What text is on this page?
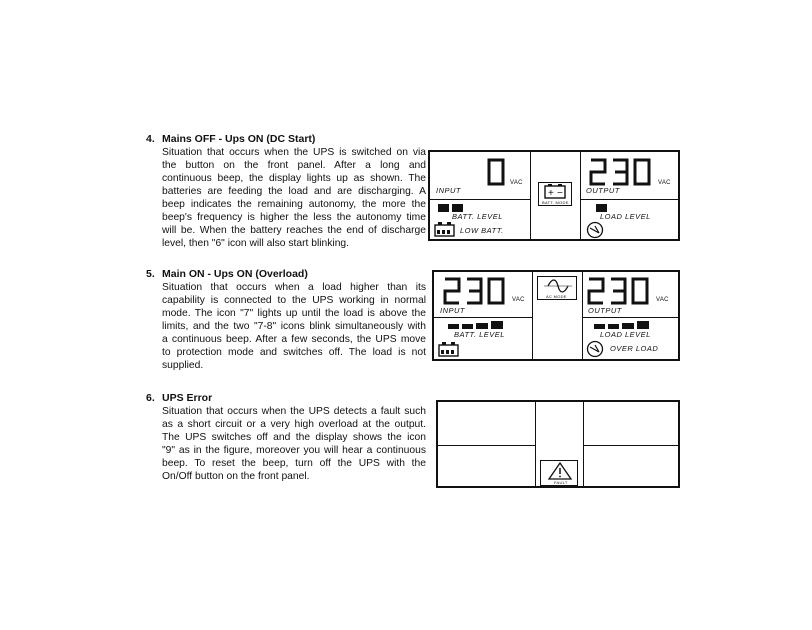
4. Mains OFF - Ups ON (DC Start)
Situation that occurs when the UPS is switched on via
the button on the front panel. After a long and
continuous beep, the display lights up as shown. The
batteries are feeding the load and are discharging. A
beep indicates the remaining autonomy, the more the
beep's frequency is higher the less the autonomy time
will be. When the battery reaches the end of discharge
level, then "6" icon will also start blinking.
INPUT
VAC
+ −
BATT. MODE
OUTPUT
VAC
BATT. LEVEL
LOW BATT.
LOAD LEVEL
5. Main ON - Ups ON (Overload)
Situation that occurs when a load higher than its
capability is connected to the UPS working in normal
mode. The icon "7" lights up until the load is above the
limits, and the two "7-8" icons blink simultaneously with
a continuous beep. After a few seconds, the UPS move
to protection mode and switches off. The load is not
supplied.
VAC
INPUT
AC MODE
VAC
OUTPUT
BATT. LEVEL	LOAD LEVEL
OVER LOAD
6. UPS Error
Situation that occurs when the UPS detects a fault such
as a short circuit or a very high overload at the output.
The UPS switches off and the display shows the icon
"9" as in the figure, moreover you will hear a continuous
beep. To reset the beep, turn off the UPS with the
On/Off button on the front panel.
FAULT
